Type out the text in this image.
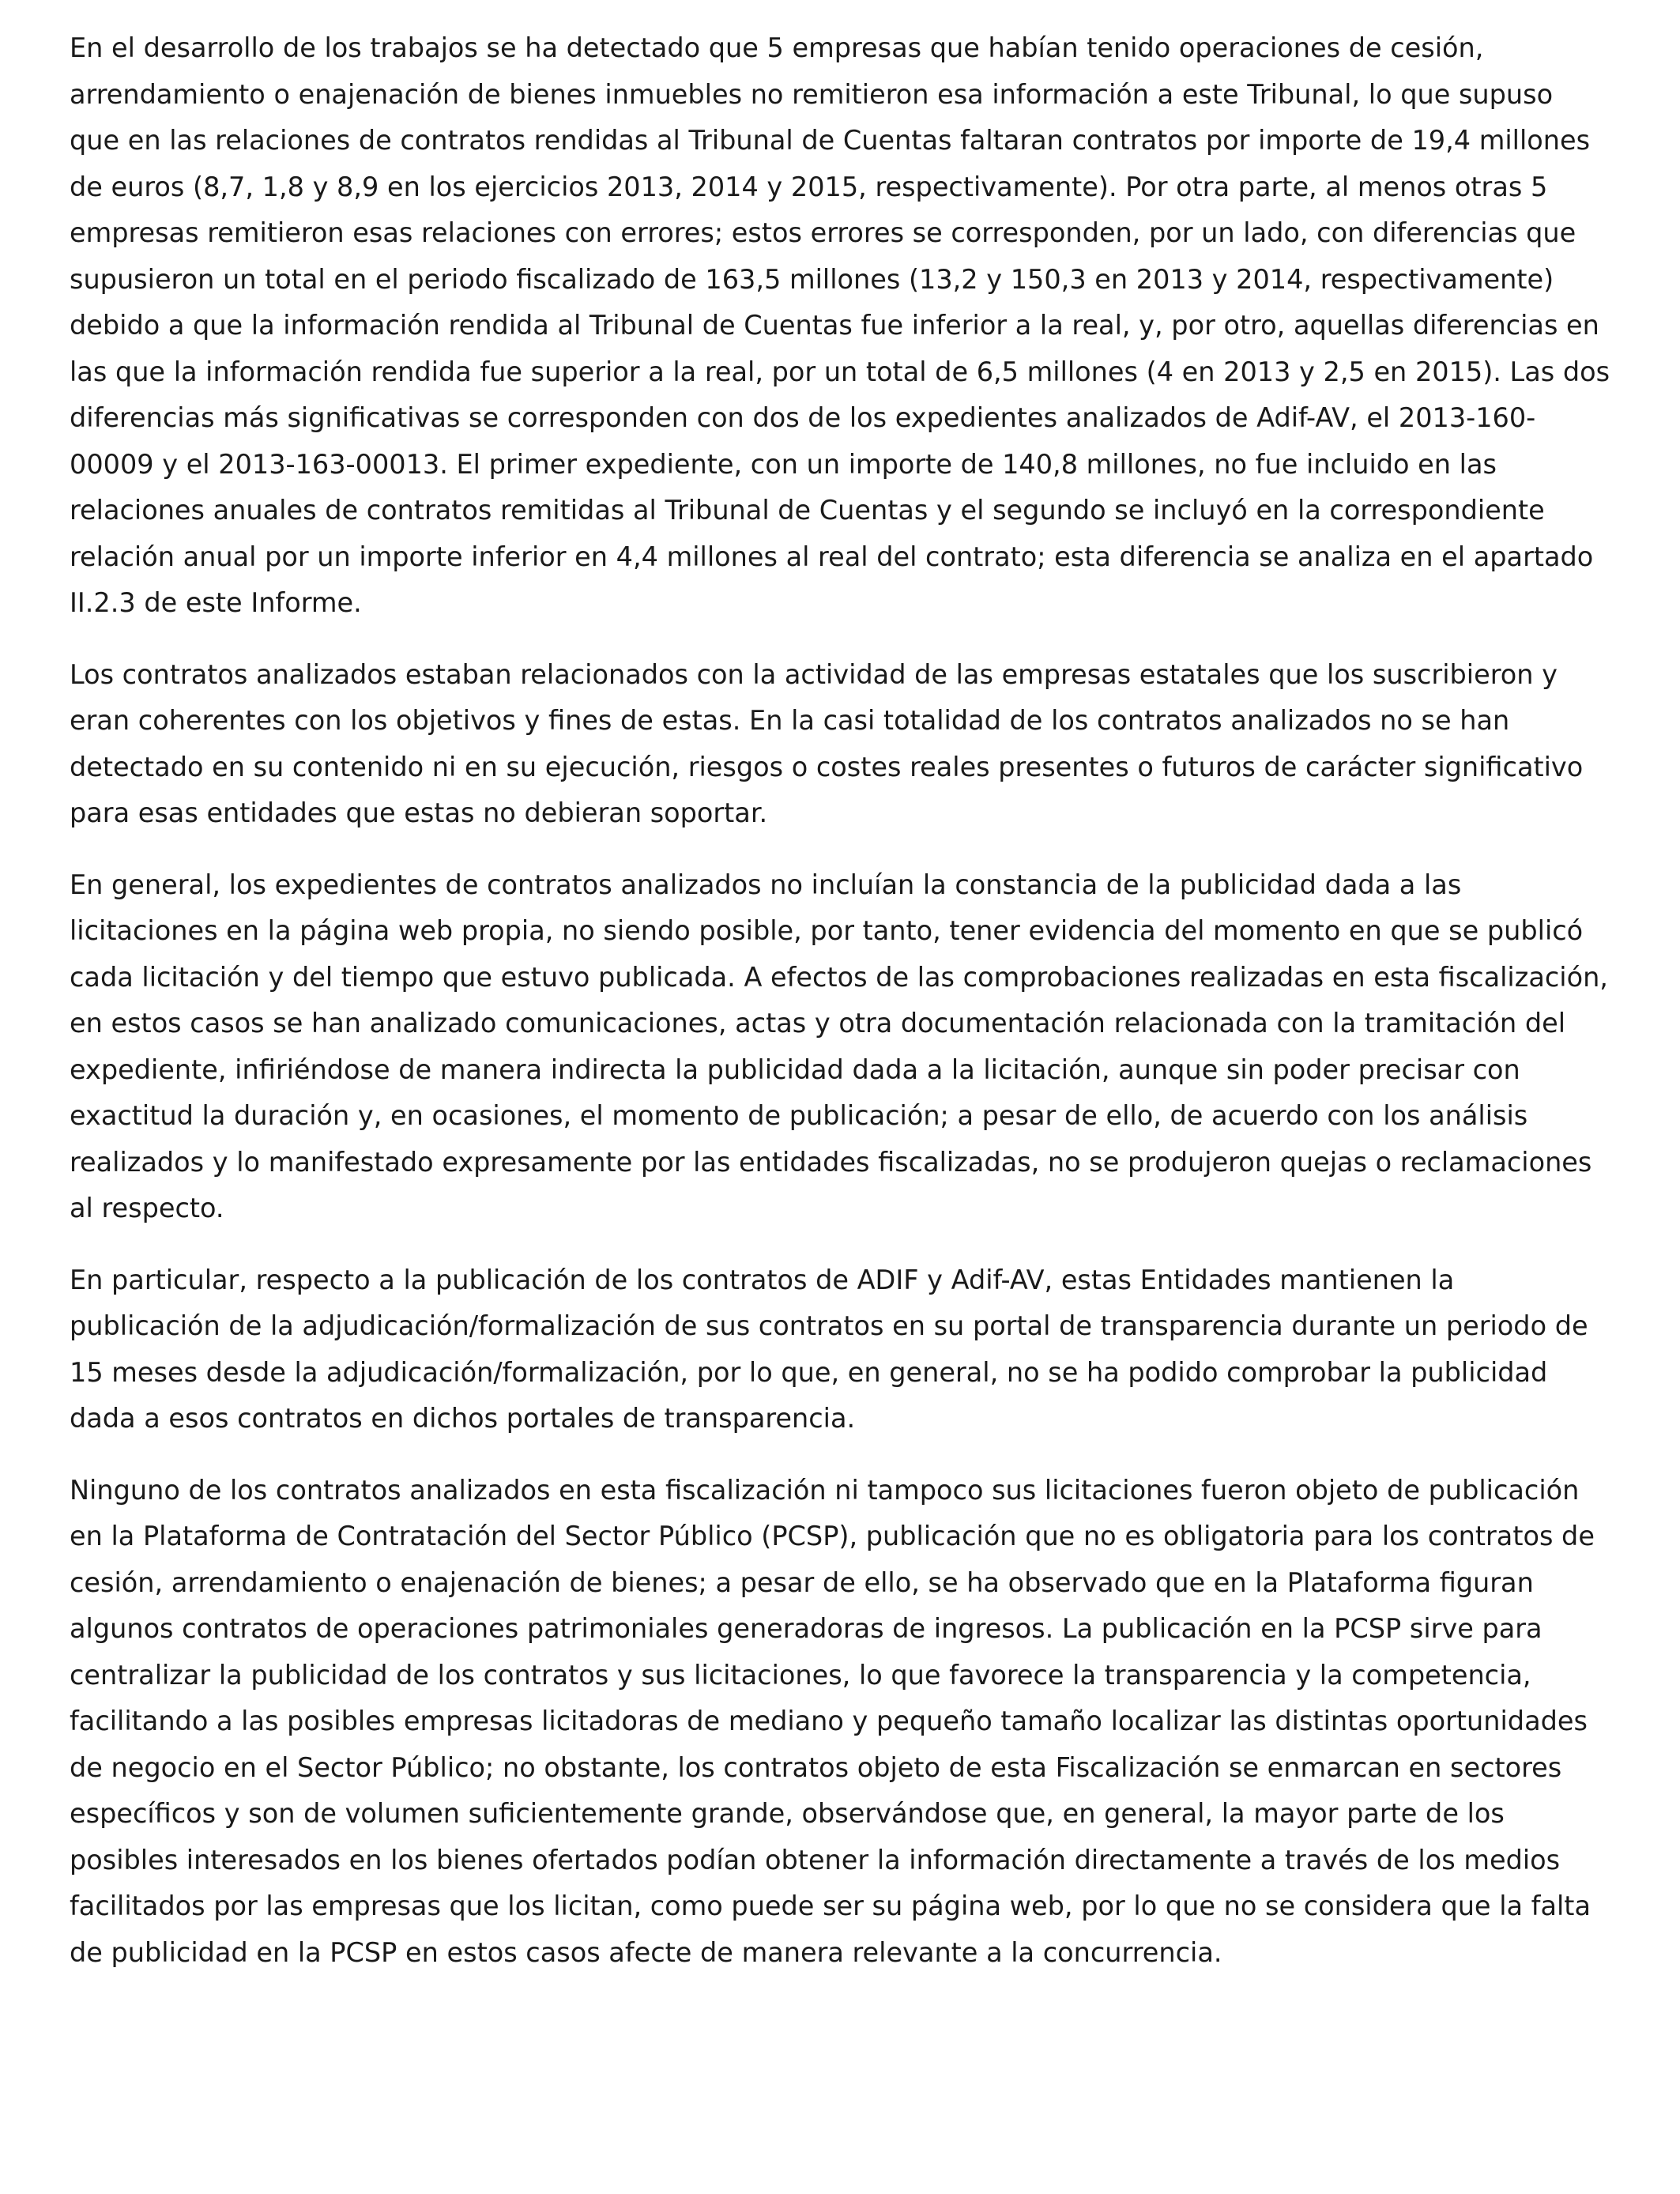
En el desarrollo de los trabajos se ha detectado que 5 empresas que habían tenido operaciones de cesión, arrendamiento o enajenación de bienes inmuebles no remitieron esa información a este Tribunal, lo que supuso que en las relaciones de contratos rendidas al Tribunal de Cuentas faltaran contratos por importe de 19,4 millones de euros (8,7, 1,8 y 8,9 en los ejercicios 2013, 2014 y 2015, respectivamente). Por otra parte, al menos otras 5 empresas remitieron esas relaciones con errores; estos errores se corresponden, por un lado, con diferencias que supusieron un total en el periodo fiscalizado de 163,5 millones (13,2 y 150,3 en 2013 y 2014, respectivamente) debido a que la información rendida al Tribunal de Cuentas fue inferior a la real, y, por otro, aquellas diferencias en las que la información rendida fue superior a la real, por un total de 6,5 millones (4 en 2013 y 2,5 en 2015). Las dos diferencias más significativas se corresponden con dos de los expedientes analizados de Adif-AV, el 2013-160-00009 y el 2013-163-00013. El primer expediente, con un importe de 140,8 millones, no fue incluido en las relaciones anuales de contratos remitidas al Tribunal de Cuentas y el segundo se incluyó en la correspondiente relación anual por un importe inferior en 4,4 millones al real del contrato; esta diferencia se analiza en el apartado II.2.3 de este Informe.

Los contratos analizados estaban relacionados con la actividad de las empresas estatales que los suscribieron y eran coherentes con los objetivos y fines de estas. En la casi totalidad de los contratos analizados no se han detectado en su contenido ni en su ejecución, riesgos o costes reales presentes o futuros de carácter significativo para esas entidades que estas no debieran soportar.

En general, los expedientes de contratos analizados no incluían la constancia de la publicidad dada a las licitaciones en la página web propia, no siendo posible, por tanto, tener evidencia del momento en que se publicó cada licitación y del tiempo que estuvo publicada. A efectos de las comprobaciones realizadas en esta fiscalización, en estos casos se han analizado comunicaciones, actas y otra documentación relacionada con la tramitación del expediente, infiriéndose de manera indirecta la publicidad dada a la licitación, aunque sin poder precisar con exactitud la duración y, en ocasiones, el momento de publicación; a pesar de ello, de acuerdo con los análisis realizados y lo manifestado expresamente por las entidades fiscalizadas, no se produjeron quejas o reclamaciones al respecto.

En particular, respecto a la publicación de los contratos de ADIF y Adif-AV, estas Entidades mantienen la publicación de la adjudicación/formalización de sus contratos en su portal de transparencia durante un periodo de 15 meses desde la adjudicación/formalización, por lo que, en general, no se ha podido comprobar la publicidad dada a esos contratos en dichos portales de transparencia.

Ninguno de los contratos analizados en esta fiscalización ni tampoco sus licitaciones fueron objeto de publicación en la Plataforma de Contratación del Sector Público (PCSP), publicación que no es obligatoria para los contratos de cesión, arrendamiento o enajenación de bienes; a pesar de ello, se ha observado que en la Plataforma figuran algunos contratos de operaciones patrimoniales generadoras de ingresos. La publicación en la PCSP sirve para centralizar la publicidad de los contratos y sus licitaciones, lo que favorece la transparencia y la competencia, facilitando a las posibles empresas licitadoras de mediano y pequeño tamaño localizar las distintas oportunidades de negocio en el Sector Público; no obstante, los contratos objeto de esta Fiscalización se enmarcan en sectores específicos y son de volumen suficientemente grande, observándose que, en general, la mayor parte de los posibles interesados en los bienes ofertados podían obtener la información directamente a través de los medios facilitados por las empresas que los licitan, como puede ser su página web, por lo que no se considera que la falta de publicidad en la PCSP en estos casos afecte de manera relevante a la concurrencia.
